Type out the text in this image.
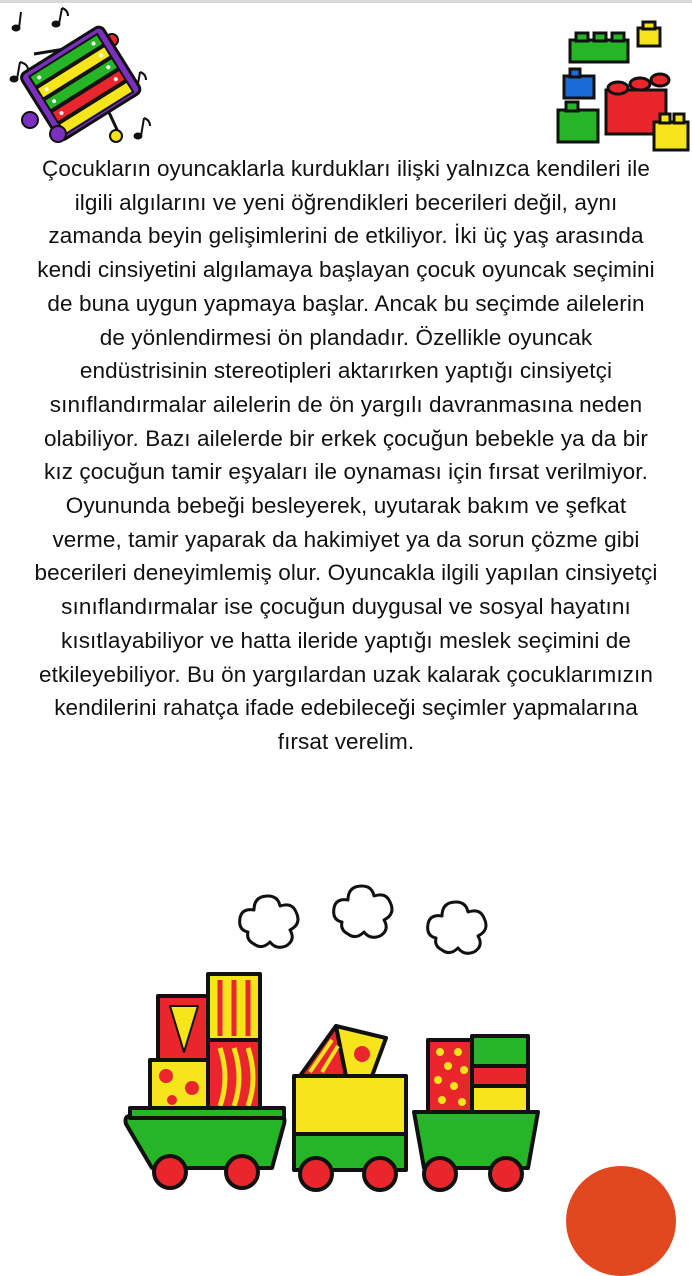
Çocukların oyuncaklarla kurdukları ilişki yalnızca kendileri ile ilgili algılarını ve yeni öğrendikleri becerileri değil, aynı zamanda beyin gelişimlerini de etkiliyor. İki üç yaş arasında kendi cinsiyetini algılamaya başlayan çocuk oyuncak seçimini de buna uygun yapmaya başlar. Ancak bu seçimde ailelerin de yönlendirmesi ön plandadır. Özellikle oyuncak endüstrisinin stereotipleri aktarırken yaptığı cinsiyetçi sınıflandırmalar ailelerin de ön yargılı davranmasına neden olabiliyor. Bazı ailelerde bir erkek çocuğun bebekle ya da bir kız çocuğun tamir eşyaları ile oynaması için fırsat verilmiyor. Oyununda bebeği besleyerek, uyutarak bakım ve şefkat verme, tamir yaparak da hakimiyet ya da sorun çözme gibi becerileri deneyimlemiş olur. Oyuncakla ilgili yapılan cinsiyetçi sınıflandırmalar ise çocuğun duygusal ve sosyal hayatını kısıtlayabiliyor ve hatta ileride yaptığı meslek seçimini de etkileyebiliyor. Bu ön yargılardan uzak kalarak çocuklarımızın kendilerini rahatça ifade edebileceği seçimler yapmalarına fırsat verelim.
